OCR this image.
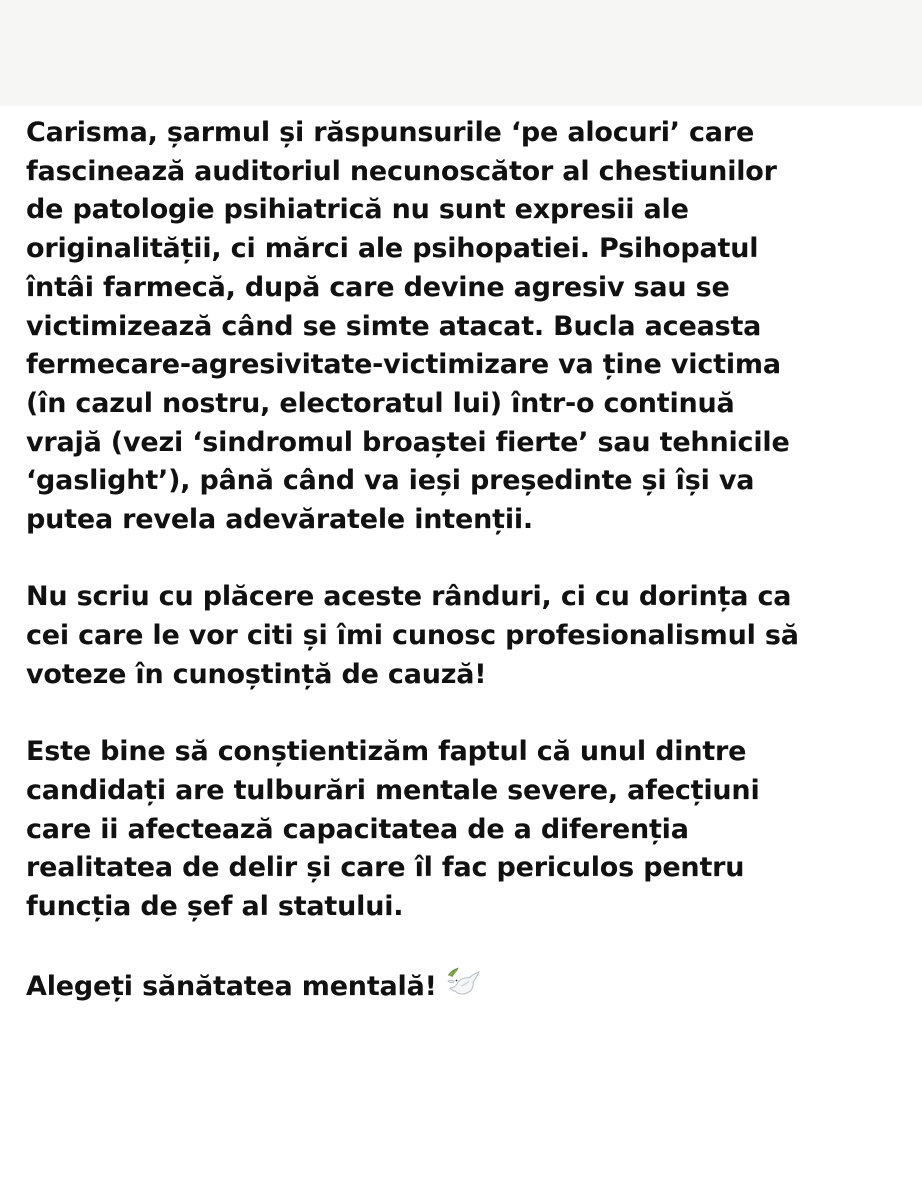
Carisma, șarmul și răspunsurile ‘pe alocuri’ care
fascinează auditoriul necunoscător al chestiunilor
de patologie psihiatrică nu sunt expresii ale
originalității, ci mărci ale psihopatiei. Psihopatul
întâi farmecă, după care devine agresiv sau se
victimizează când se simte atacat. Bucla aceasta
fermecare-agresivitate-victimizare va ține victima
(în cazul nostru, electoratul lui) într-o continuă
vrajă (vezi ‘sindromul broaștei fierte’ sau tehnicile
‘gaslight’), până când va ieși președinte și își va
putea revela adevăratele intenții.

Nu scriu cu plăcere aceste rânduri, ci cu dorința ca
cei care le vor citi și îmi cunosc profesionalismul să
voteze în cunoștință de cauză!

Este bine să conștientizăm faptul că unul dintre
candidați are tulburări mentale severe, afecțiuni
care ii afectează capacitatea de a diferenția
realitatea de delir și care îl fac periculos pentru
funcția de șef al statului.

Alegeți sănătatea mentală!
